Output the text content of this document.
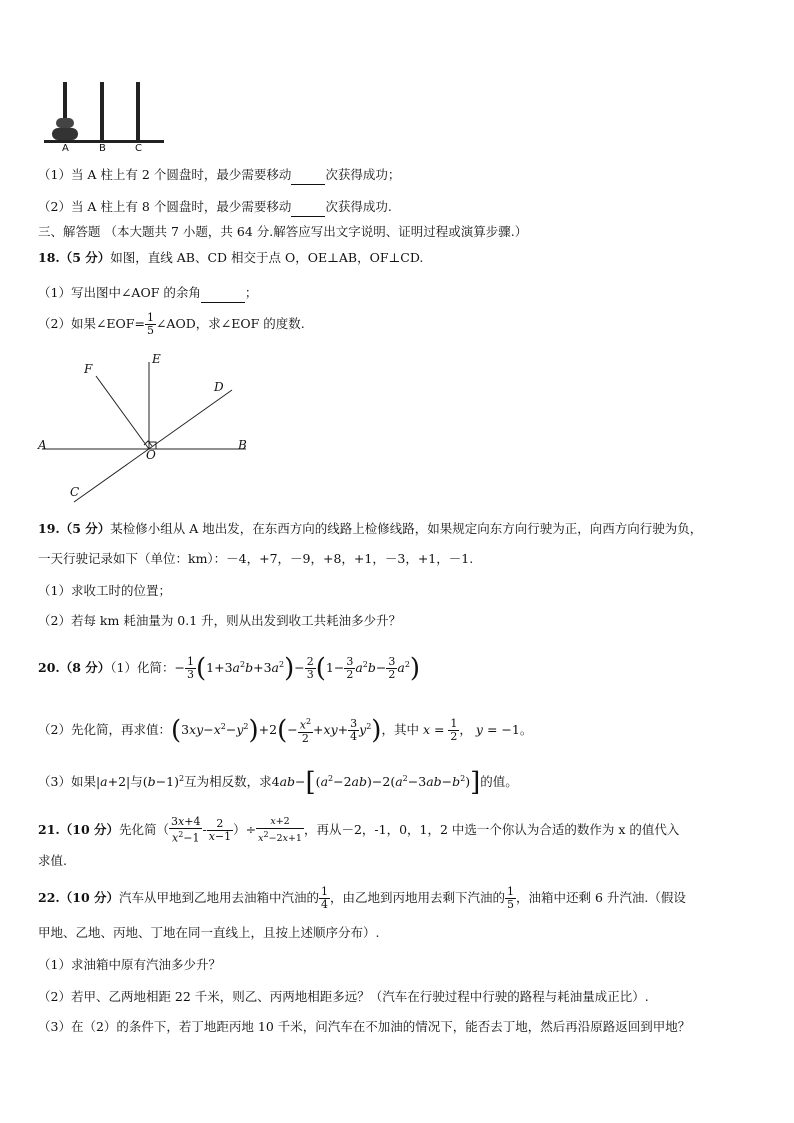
A	B	C
（1）当 A 柱上有 2 个圆盘时，最少需要移动	次获得成功；
（2）当 A 柱上有 8 个圆盘时，最少需要移动	次获得成功.
三、解答题 （本大题共 7 小题，共 64 分.解答应写出文字说明、证明过程或演算步骤.）
18.（5 分）如图，直线 AB、CD 相交于点 O，OE⊥AB，OF⊥CD.
（1）写出图中∠AOF 的余角	；
（2）如果∠EOF= $\frac{1}{5}$ ∠AOD，求∠EOF 的度数.
F
E
D
A	B
O
C
19.（5 分）某检修小组从 A 地出发，在东西方向的线路上检修线路，如果规定向东方向行驶为正，向西方向行驶为负，
一天行驶记录如下（单位：km）：－4，+7，－9，+8，+1，－3，+1，－1.
（1）求收工时的位置；
（2）若每 km 耗油量为 0.1 升，则从出发到收工共耗油多少升？
20.（8 分）（1）化简：− $\frac{1}{3} (1+3a^2b+3a^2)- \frac{2}{3} (1- \frac{3}{2} a^2b- \frac{3}{2} a^2)$
（2）先化简，再求值：$(3xy-x^2-y^2)+2(- \frac{x^2}{2} +xy+ \frac{3}{4} y^2)$，其中 $x = \frac{1}{2}$ ， y = −1。
（3）如果|a+2|与$(b-1)^2$互为相反数，求$4ab-[(a^2-2ab)-2(a^2-3ab-b^2)]$的值。
21.（10 分）先化简（ $\frac{3x+4}{x^2-1} - \frac{2}{x-1}$ ）÷ $\frac{x+2}{x^2-2x+1}$ ，再从－2，-1，0，1，2 中选一个你认为合适的数作为 x 的值代入
求值.
22.（10 分）汽车从甲地到乙地用去油箱中汽油的 $\frac{1}{4}$ ，由乙地到丙地用去剩下汽油的 $\frac{1}{5}$ ，油箱中还剩 6 升汽油.（假设
甲地、乙地、丙地、丁地在同一直线上，且按上述顺序分布）.
（1）求油箱中原有汽油多少升？
（2）若甲、乙两地相距 22 千米，则乙、丙两地相距多远？（汽车在行驶过程中行驶的路程与耗油量成正比）.
（3）在（2）的条件下，若丁地距丙地 10 千米，问汽车在不加油的情况下，能否去丁地，然后再沿原路返回到甲地？
